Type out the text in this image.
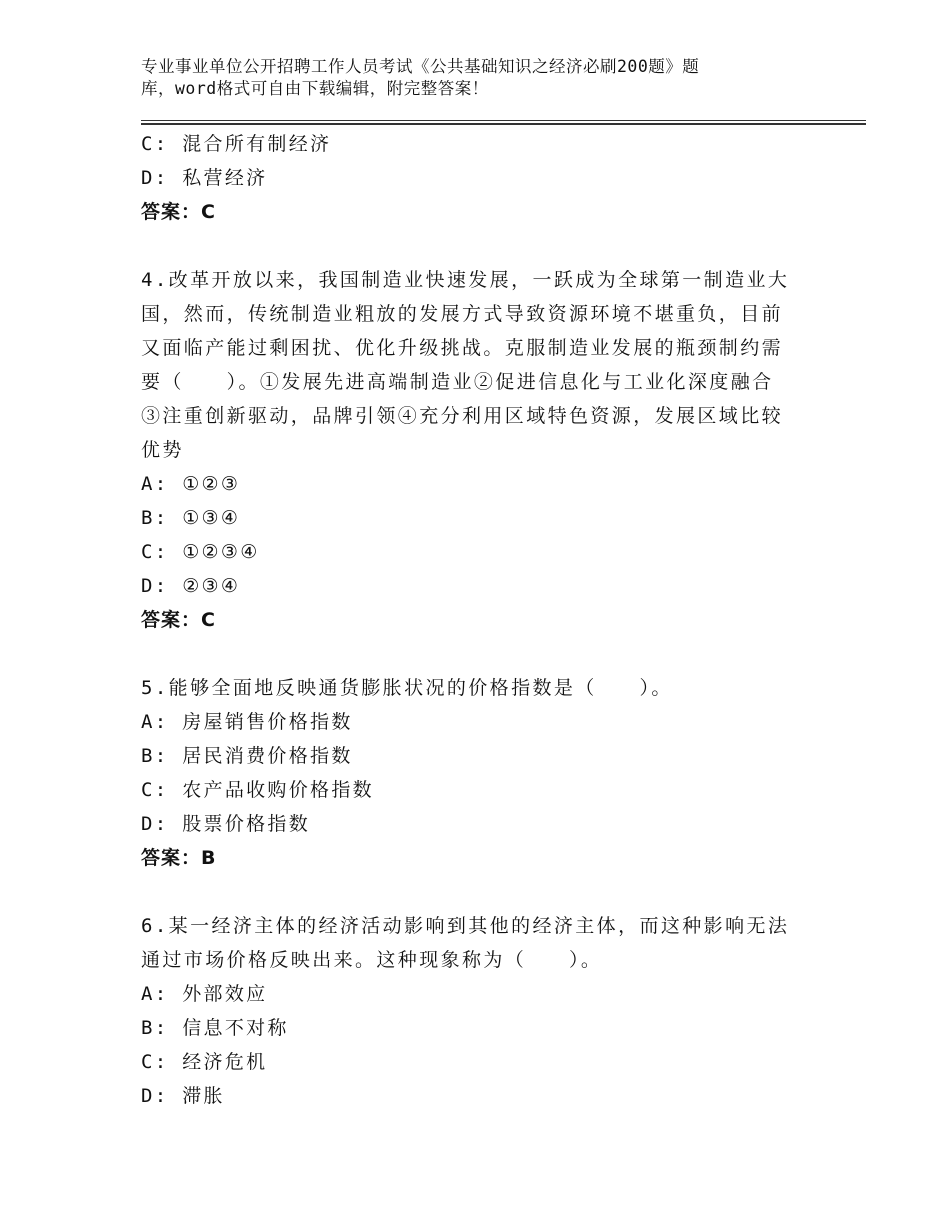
专业事业单位公开招聘工作人员考试《公共基础知识之经济必刷200题》题
库，word格式可自由下载编辑，附完整答案！
C: 混合所有制经济
D: 私营经济
答案：C
4.改革开放以来，我国制造业快速发展，一跃成为全球第一制造业大
国，然而，传统制造业粗放的发展方式导致资源环境不堪重负，目前
又面临产能过剩困扰、优化升级挑战。克服制造业发展的瓶颈制约需
要（　　）。①发展先进高端制造业②促进信息化与工业化深度融合
③注重创新驱动，品牌引领④充分利用区域特色资源，发展区域比较
优势
A: ①②③
B: ①③④
C: ①②③④
D: ②③④
答案：C
5.能够全面地反映通货膨胀状况的价格指数是（　　）。
A: 房屋销售价格指数
B: 居民消费价格指数
C: 农产品收购价格指数
D: 股票价格指数
答案：B
6.某一经济主体的经济活动影响到其他的经济主体，而这种影响无法
通过市场价格反映出来。这种现象称为（　　）。
A: 外部效应
B: 信息不对称
C: 经济危机
D: 滞胀
